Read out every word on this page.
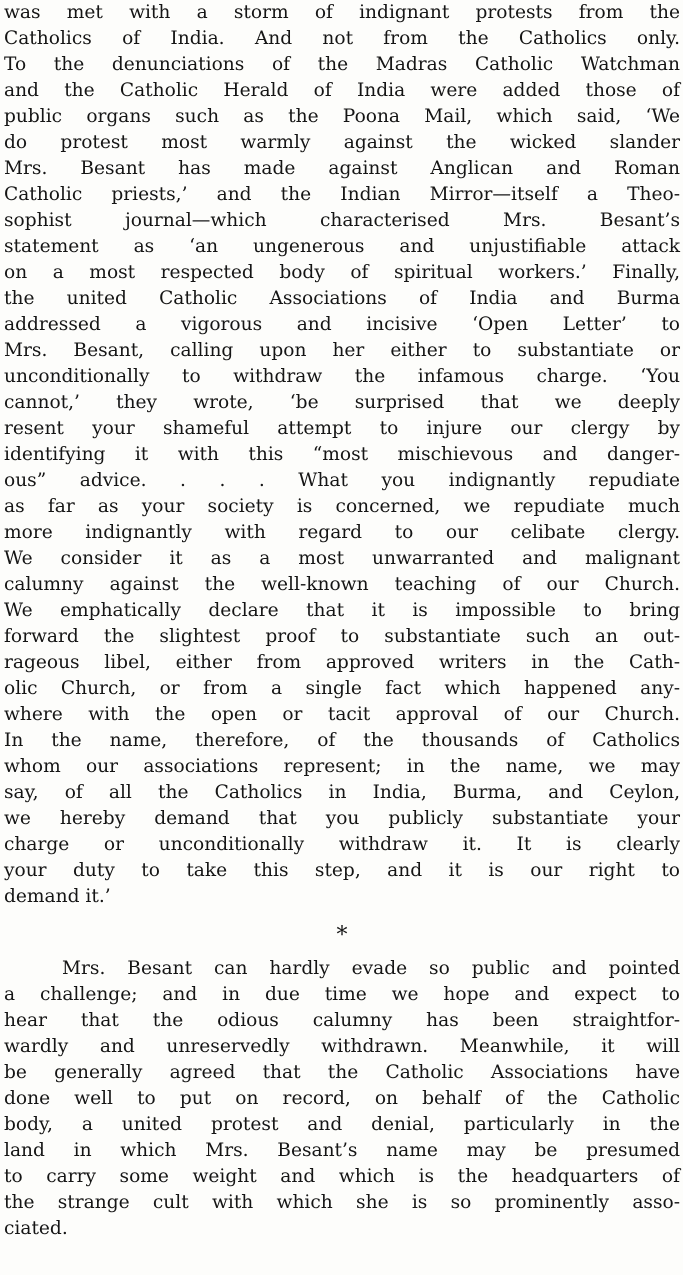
was met with a storm of indignant protests from the
Catholics of India. And not from the Catholics only.
To the denunciations of the Madras Catholic Watchman
and the Catholic Herald of India were added those of
public organs such as the Poona Mail, which said, ‘We
do protest most warmly against the wicked slander
Mrs. Besant has made against Anglican and Roman
Catholic priests,’ and the Indian Mirror—itself a Theo-
sophist journal—which characterised Mrs. Besant’s
statement as ‘an ungenerous and unjustifiable attack
on a most respected body of spiritual workers.’ Finally,
the united Catholic Associations of India and Burma
addressed a vigorous and incisive ‘Open Letter’ to
Mrs. Besant, calling upon her either to substantiate or
unconditionally to withdraw the infamous charge. ‘You
cannot,’ they wrote, ‘be surprised that we deeply
resent your shameful attempt to injure our clergy by
identifying it with this “most mischievous and danger-
ous” advice. . . . What you indignantly repudiate
as far as your society is concerned, we repudiate much
more indignantly with regard to our celibate clergy.
We consider it as a most unwarranted and malignant
calumny against the well-known teaching of our Church.
We emphatically declare that it is impossible to bring
forward the slightest proof to substantiate such an out-
rageous libel, either from approved writers in the Cath-
olic Church, or from a single fact which happened any-
where with the open or tacit approval of our Church.
In the name, therefore, of the thousands of Catholics
whom our associations represent; in the name, we may
say, of all the Catholics in India, Burma, and Ceylon,
we hereby demand that you publicly substantiate your
charge or unconditionally withdraw it. It is clearly
your duty to take this step, and it is our right to
demand it.’
*
Mrs. Besant can hardly evade so public and pointed
a challenge; and in due time we hope and expect to
hear that the odious calumny has been straightfor-
wardly and unreservedly withdrawn. Meanwhile, it will
be generally agreed that the Catholic Associations have
done well to put on record, on behalf of the Catholic
body, a united protest and denial, particularly in the
land in which Mrs. Besant’s name may be presumed
to carry some weight and which is the headquarters of
the strange cult with which she is so prominently asso-
ciated.
